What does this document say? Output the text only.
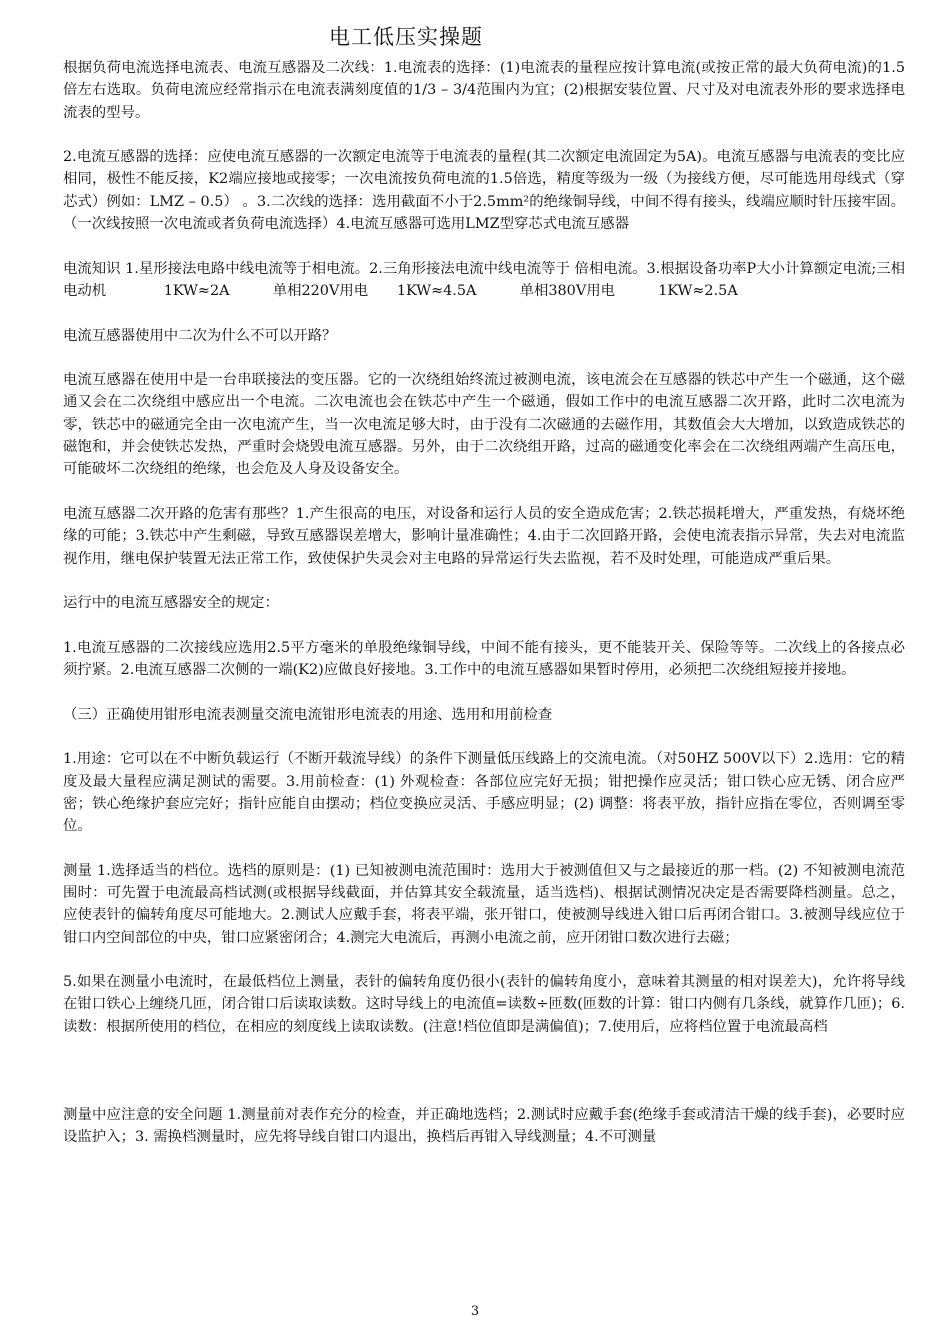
电工低压实操题

根据负荷电流选择电流表、电流互感器及二次线：1.电流表的选择：(1)电流表的量程应按计算电流(或按正常的最大负荷电流)的1.5倍左右选取。负荷电流应经常指示在电流表满刻度值的1/3 – 3/4范围内为宜；(2)根据安装位置、尺寸及对电流表外形的要求选择电流表的型号。

2.电流互感器的选择：应使电流互感器的一次额定电流等于电流表的量程(其二次额定电流固定为5A)。电流互感器与电流表的变比应相同，极性不能反接，K2端应接地或接零；一次电流按负荷电流的1.5倍选，精度等级为一级（为接线方便，尽可能选用母线式（穿芯式）例如：LMZ – 0.5） 。3.二次线的选择：选用截面不小于2.5mm²的绝缘铜导线，中间不得有接头，线端应顺时针压接牢固。（一次线按照一次电流或者负荷电流选择）4.电流互感器可选用LMZ型穿芯式电流互感器

电流知识 1.星形接法电路中线电流等于相电流。2.三角形接法电流中线电流等于 倍相电流。3.根据设备功率P大小计算额定电流;三相电动机　　　　1KW≈2A　　　单相220V用电　　1KW≈4.5A　　　单相380V用电　　　1KW≈2.5A

电流互感器使用中二次为什么不可以开路？

电流互感器在使用中是一台串联接法的变压器。它的一次绕组始终流过被测电流，该电流会在互感器的铁芯中产生一个磁通，这个磁通又会在二次绕组中感应出一个电流。二次电流也会在铁芯中产生一个磁通，假如工作中的电流互感器二次开路，此时二次电流为零，铁芯中的磁通完全由一次电流产生，当一次电流足够大时，由于没有二次磁通的去磁作用，其数值会大大增加，以致造成铁芯的磁饱和，并会使铁芯发热，严重时会烧毁电流互感器。另外，由于二次绕组开路，过高的磁通变化率会在二次绕组两端产生高压电，可能破坏二次绕组的绝缘，也会危及人身及设备安全。

电流互感器二次开路的危害有那些？1.产生很高的电压，对设备和运行人员的安全造成危害；2.铁芯损耗增大，严重发热，有烧坏绝缘的可能；3.铁芯中产生剩磁，导致互感器误差增大，影响计量准确性；4.由于二次回路开路，会使电流表指示异常，失去对电流监视作用，继电保护装置无法正常工作，致使保护失灵会对主电路的异常运行失去监视，若不及时处理，可能造成严重后果。

运行中的电流互感器安全的规定：

1.电流互感器的二次接线应选用2.5平方毫米的单股绝缘铜导线，中间不能有接头，更不能装开关、保险等等。二次线上的各接点必须拧紧。2.电流互感器二次侧的一端(K2)应做良好接地。3.工作中的电流互感器如果暂时停用，必须把二次绕组短接并接地。

（三）正确使用钳形电流表测量交流电流钳形电流表的用途、选用和用前检查

1.用途：它可以在不中断负载运行（不断开载流导线）的条件下测量低压线路上的交流电流。（对50HZ 500V以下）2.选用：它的精度及最大量程应满足测试的需要。3.用前检查：(1) 外观检查：各部位应完好无损；钳把操作应灵活；钳口铁心应无锈、闭合应严密；铁心绝缘护套应完好；指针应能自由摆动；档位变换应灵活、手感应明显；(2) 调整：将表平放，指针应指在零位，否则调至零位。

测量 1.选择适当的档位。选档的原则是：(1) 已知被测电流范围时：选用大于被测值但又与之最接近的那一档。(2) 不知被测电流范围时：可先置于电流最高档试测(或根据导线截面，并估算其安全载流量，适当选档)、根据试测情况决定是否需要降档测量。总之，应使表针的偏转角度尽可能地大。2.测试人应戴手套，将表平端，张开钳口，使被测导线进入钳口后再闭合钳口。3.被测导线应位于钳口内空间部位的中央，钳口应紧密闭合；4.测完大电流后，再测小电流之前，应开闭钳口数次进行去磁；

5.如果在测量小电流时，在最低档位上测量，表针的偏转角度仍很小(表针的偏转角度小，意味着其测量的相对误差大)，允许将导线在钳口铁心上缠绕几匝，闭合钳口后读取读数。这时导线上的电流值=读数÷匝数(匝数的计算：钳口内侧有几条线，就算作几匝)；6.读数：根据所使用的档位，在相应的刻度线上读取读数。(注意!档位值即是满偏值)；7.使用后，应将档位置于电流最高档

测量中应注意的安全问题 1.测量前对表作充分的检查，并正确地选档；2.测试时应戴手套(绝缘手套或清洁干燥的线手套)，必要时应设监护入；3. 需换档测量时，应先将导线自钳口内退出，换档后再钳入导线测量；4.不可测量

3
